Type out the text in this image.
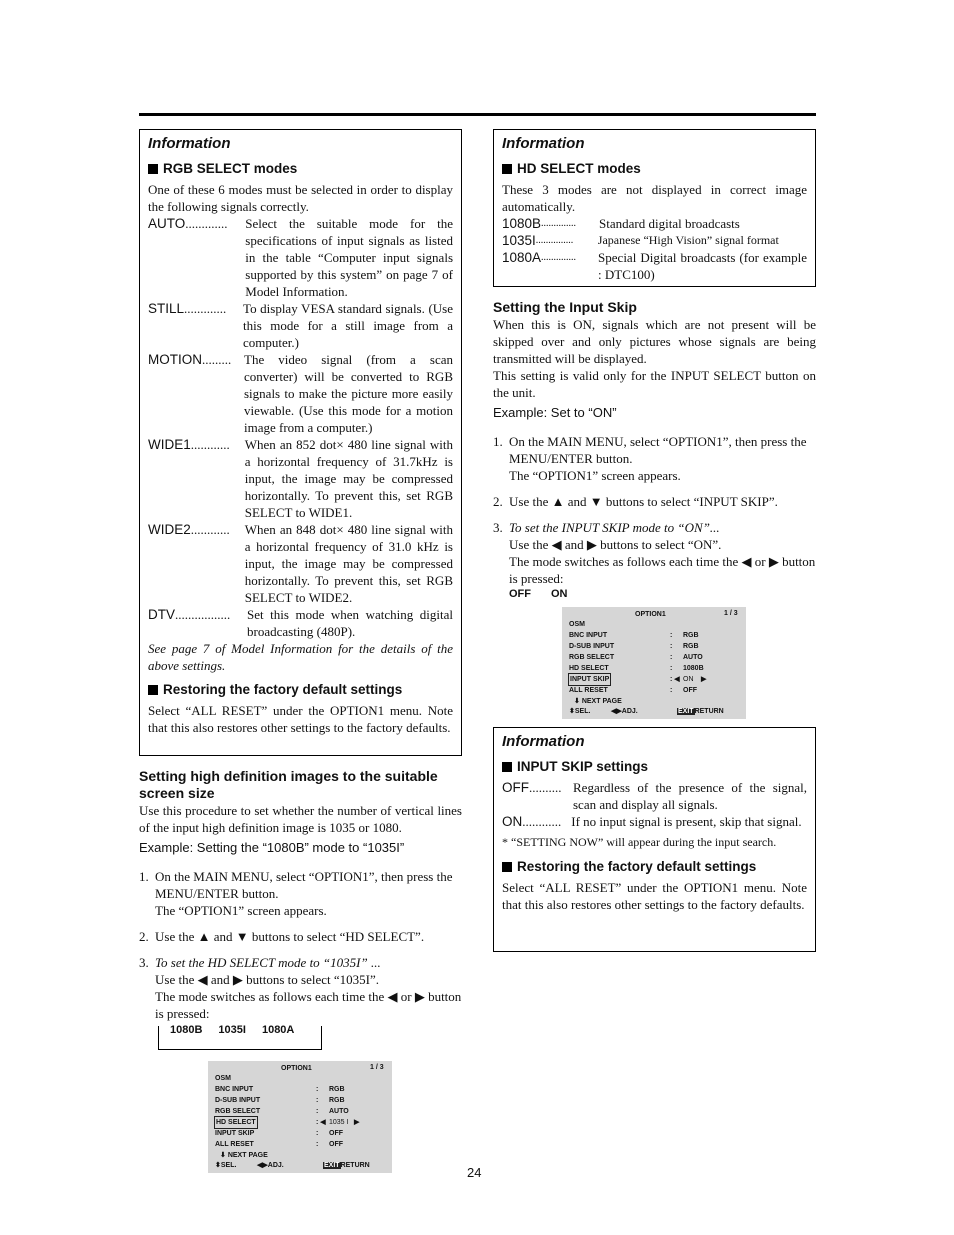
Information

RGB SELECT modes

One of these 6 modes must be selected in order to display the following signals correctly.

AUTO .............	Select the suitable mode for the specifications of input signals as listed in the table “Computer input signals supported by this system” on page 7 of Model Information.
STILL .............	To display VESA standard signals. (Use this mode for a still image from a computer.)
MOTION ......... The video signal (from a scan converter) will be converted to RGB signals to make the picture more easily viewable. (Use this mode for a motion image from a computer.)
WIDE1 ............	When an 852 dot× 480 line signal with a horizontal frequency of 31.7kHz is input, the image may be compressed horizontally. To prevent this, set RGB SELECT to WIDE1.
WIDE2 ............	When an 848 dot× 480 line signal with a horizontal frequency of 31.0 kHz is input, the image may be compressed horizontally. To prevent this, set RGB SELECT to WIDE2.
DTV .................	Set this mode when watching digital broadcasting (480P).

See page 7 of Model Information for the details of the above settings.

Restoring the factory default settings

Select “ALL RESET” under the OPTION1 menu. Note that this also restores other settings to the factory defaults.

Setting high definition images to the suitable screen size

Use this procedure to set whether the number of vertical lines of the input high definition image is 1035 or 1080.

Example: Setting the “1080B” mode to “1035I”

1. On the MAIN MENU, select “OPTION1”, then press the MENU/ENTER button.
The “OPTION1” screen appears.
2. Use the ▲ and ▼ buttons to select “HD SELECT”.
3. To set the HD SELECT mode to “1035I” ...
Use the ◀ and ▶ buttons to select “1035I”.
The mode switches as follows each time the ◀ or ▶ button is pressed:
1080B 1035I 1080A
OPTION1	1 / 3
OSM
BNC INPUT	: RGB
D-SUB INPUT	: RGB
RGB SELECT	: AUTO
HD SELECT	: ◀ 1035 I ▶
INPUT SKIP	: OFF
ALL RESET	: OFF
⬇ NEXT PAGE
⬍SEL.	◀▶ADJ.	EXITRETURN

Information

HD SELECT modes

These 3 modes are not displayed in correct image automatically.

1080B ..............	Standard digital broadcasts
1035I ...............	Japanese “High Vision” signal format
1080A ..............	Special Digital broadcasts (for example : DTC100)

Setting the Input Skip

When this is ON, signals which are not present will be skipped over and only pictures whose signals are being transmitted will be displayed.

This setting is valid only for the INPUT SELECT button on the unit.

Example: Set to “ON”

1. On the MAIN MENU, select “OPTION1”, then press the MENU/ENTER button.
The “OPTION1” screen appears.
2. Use the ▲ and ▼ buttons to select “INPUT SKIP”.
3. To set the INPUT SKIP mode to “ON”...
Use the ◀ and ▶ buttons to select “ON”.
The mode switches as follows each time the ◀ or ▶ button is pressed:
OFF ON
OPTION1	1 / 3
OSM
BNC INPUT	: RGB
D-SUB INPUT	: RGB
RGB SELECT	: AUTO
HD SELECT	: 1080B
INPUT SKIP	: ◀ ON ▶
ALL RESET	: OFF
⬇ NEXT PAGE
⬍SEL.	◀▶ADJ.	EXITRETURN

Information

INPUT SKIP settings

OFF .......... Regardless of the presence of the signal, scan and display all signals.
ON ............ If no input signal is present, skip that signal.

* “SETTING NOW” will appear during the input search.

Restoring the factory default settings

Select “ALL RESET” under the OPTION1 menu. Note that this also restores other settings to the factory defaults.

24
